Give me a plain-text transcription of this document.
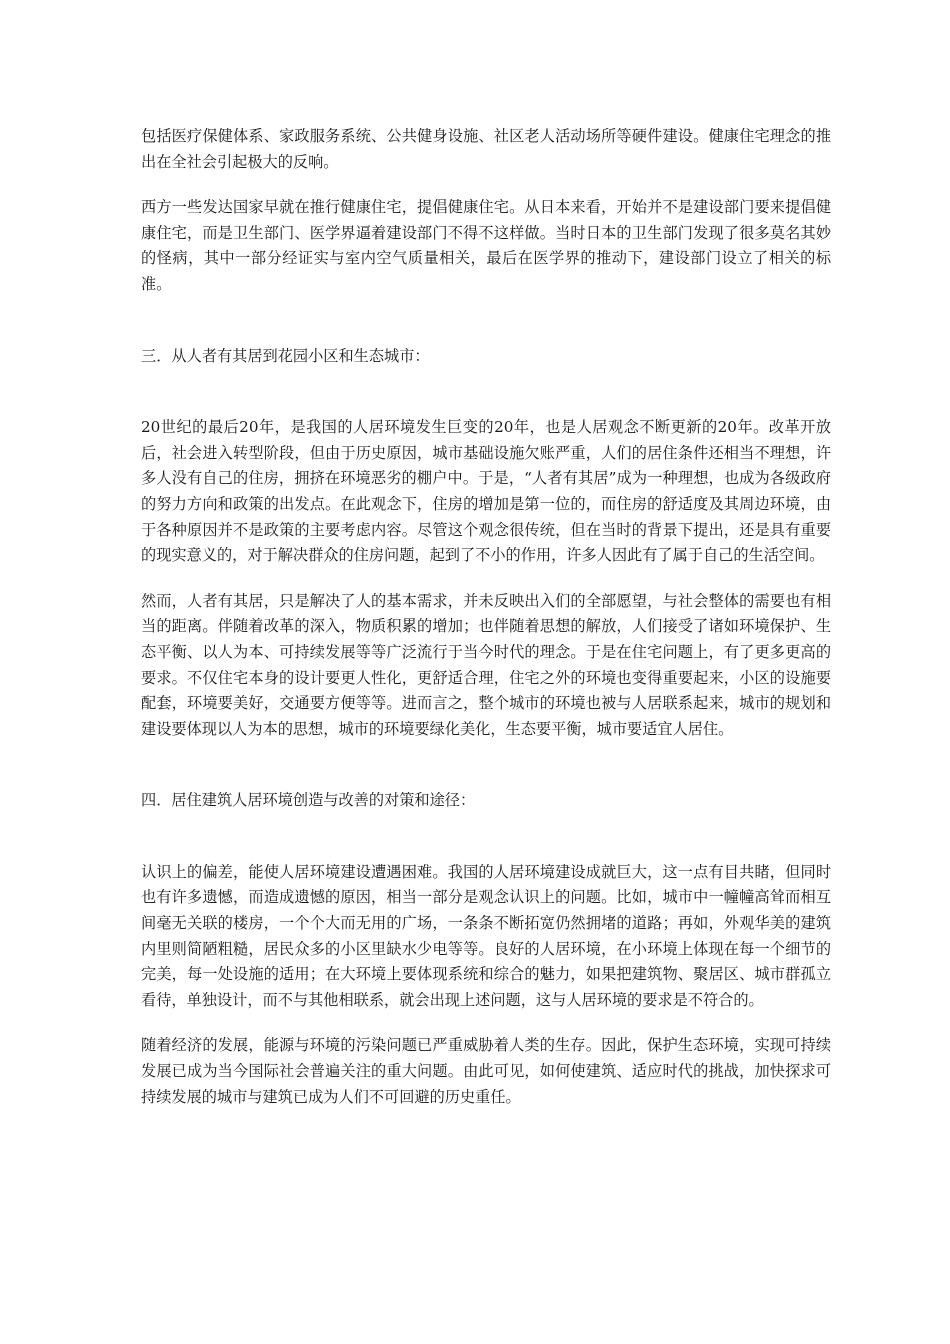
包括医疗保健体系、家政服务系统、公共健身设施、社区老人活动场所等硬件建设。健康住宅理念的推出在全社会引起极大的反响。

西方一些发达国家早就在推行健康住宅，提倡健康住宅。从日本来看，开始并不是建设部门要来提倡健康住宅，而是卫生部门、医学界逼着建设部门不得不这样做。当时日本的卫生部门发现了很多莫名其妙的怪病，其中一部分经证实与室内空气质量相关，最后在医学界的推动下，建设部门设立了相关的标准。

三．从人者有其居到花园小区和生态城市：

20世纪的最后20年，是我国的人居环境发生巨变的20年，也是人居观念不断更新的20年。改革开放后，社会进入转型阶段，但由于历史原因，城市基础设施欠账严重，人们的居住条件还相当不理想，许多人没有自己的住房，拥挤在环境恶劣的棚户中。于是，“人者有其居”成为一种理想，也成为各级政府的努力方向和政策的出发点。在此观念下，住房的增加是第一位的，而住房的舒适度及其周边环境，由于各种原因并不是政策的主要考虑内容。尽管这个观念很传统，但在当时的背景下提出，还是具有重要的现实意义的，对于解决群众的住房问题，起到了不小的作用，许多人因此有了属于自己的生活空间。

然而，人者有其居，只是解决了人的基本需求，并未反映出入们的全部愿望，与社会整体的需要也有相当的距离。伴随着改革的深入，物质积累的增加；也伴随着思想的解放，人们接受了诸如环境保护、生态平衡、以人为本、可持续发展等等广泛流行于当今时代的理念。于是在住宅问题上，有了更多更高的要求。不仅住宅本身的设计要更人性化，更舒适合理，住宅之外的环境也变得重要起来，小区的设施要配套，环境要美好，交通要方便等等。进而言之，整个城市的环境也被与人居联系起来，城市的规划和建设要体现以人为本的思想，城市的环境要绿化美化，生态要平衡，城市要适宜人居住。

四．居住建筑人居环境创造与改善的对策和途径：

认识上的偏差，能使人居环境建设遭遇困难。我国的人居环境建设成就巨大，这一点有目共睹，但同时也有许多遗憾，而造成遗憾的原因，相当一部分是观念认识上的问题。比如，城市中一幢幢高耸而相互间毫无关联的楼房，一个个大而无用的广场，一条条不断拓宽仍然拥堵的道路；再如，外观华美的建筑内里则简陋粗糙，居民众多的小区里缺水少电等等。良好的人居环境，在小环境上体现在每一个细节的完美，每一处设施的适用；在大环境上要体现系统和综合的魅力，如果把建筑物、聚居区、城市群孤立看待，单独设计，而不与其他相联系，就会出现上述问题，这与人居环境的要求是不符合的。

随着经济的发展，能源与环境的污染问题已严重威胁着人类的生存。因此，保护生态环境，实现可持续发展已成为当今国际社会普遍关注的重大问题。由此可见，如何使建筑、适应时代的挑战，加快探求可持续发展的城市与建筑已成为人们不可回避的历史重任。
